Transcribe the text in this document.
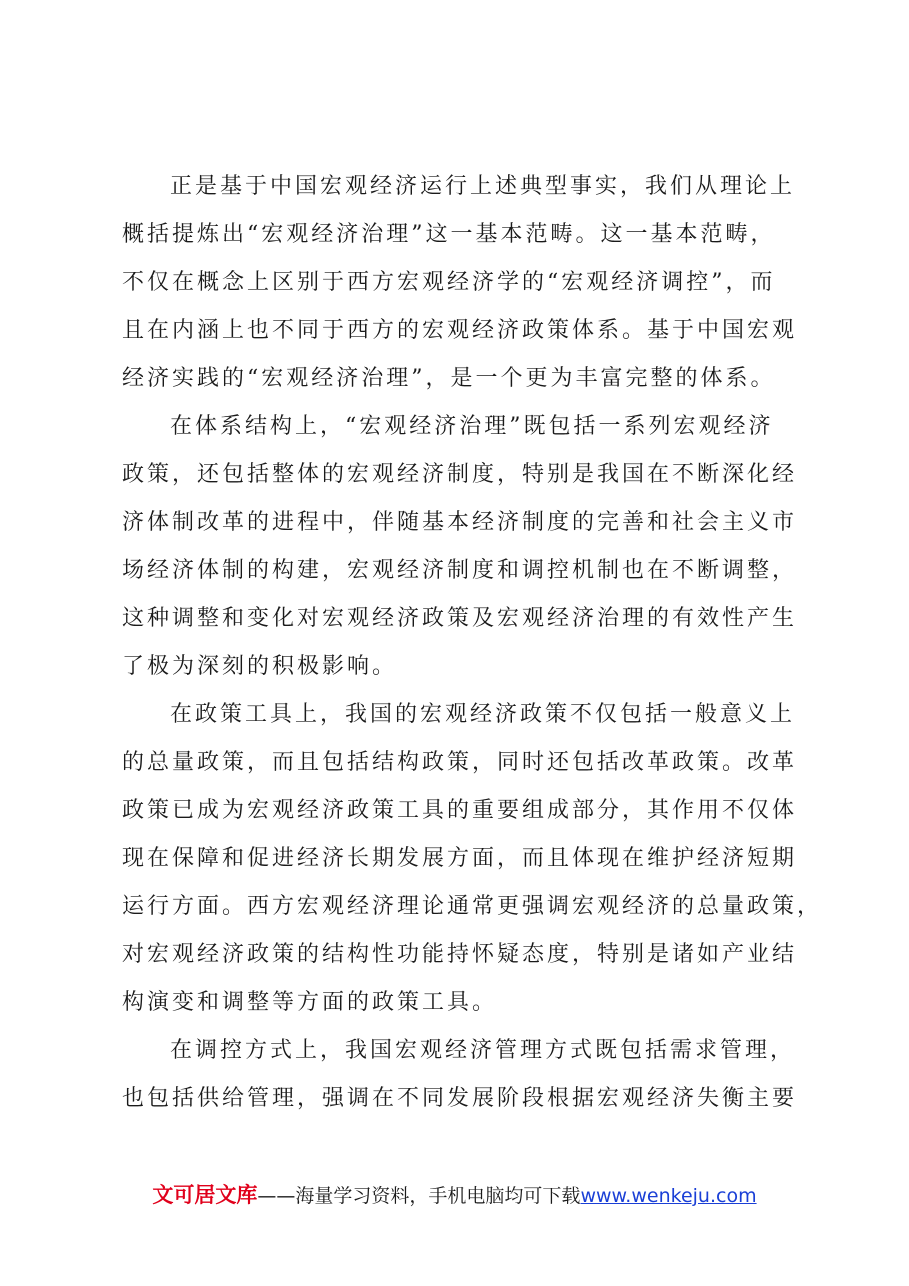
正是基于中国宏观经济运行上述典型事实，我们从理论上
概括提炼出“宏观经济治理”这一基本范畴。这一基本范畴，
不仅在概念上区别于西方宏观经济学的“宏观经济调控”，而
且在内涵上也不同于西方的宏观经济政策体系。基于中国宏观
经济实践的“宏观经济治理”，是一个更为丰富完整的体系。
在体系结构上，“宏观经济治理”既包括一系列宏观经济
政策，还包括整体的宏观经济制度，特别是我国在不断深化经
济体制改革的进程中，伴随基本经济制度的完善和社会主义市
场经济体制的构建，宏观经济制度和调控机制也在不断调整，
这种调整和变化对宏观经济政策及宏观经济治理的有效性产生
了极为深刻的积极影响。
在政策工具上，我国的宏观经济政策不仅包括一般意义上
的总量政策，而且包括结构政策，同时还包括改革政策。改革
政策已成为宏观经济政策工具的重要组成部分，其作用不仅体
现在保障和促进经济长期发展方面，而且体现在维护经济短期
运行方面。西方宏观经济理论通常更强调宏观经济的总量政策，
对宏观经济政策的结构性功能持怀疑态度，特别是诸如产业结
构演变和调整等方面的政策工具。
在调控方式上，我国宏观经济管理方式既包括需求管理，
也包括供给管理，强调在不同发展阶段根据宏观经济失衡主要
文可居文库——海量学习资料，手机电脑均可下载www.wenkeju.com
